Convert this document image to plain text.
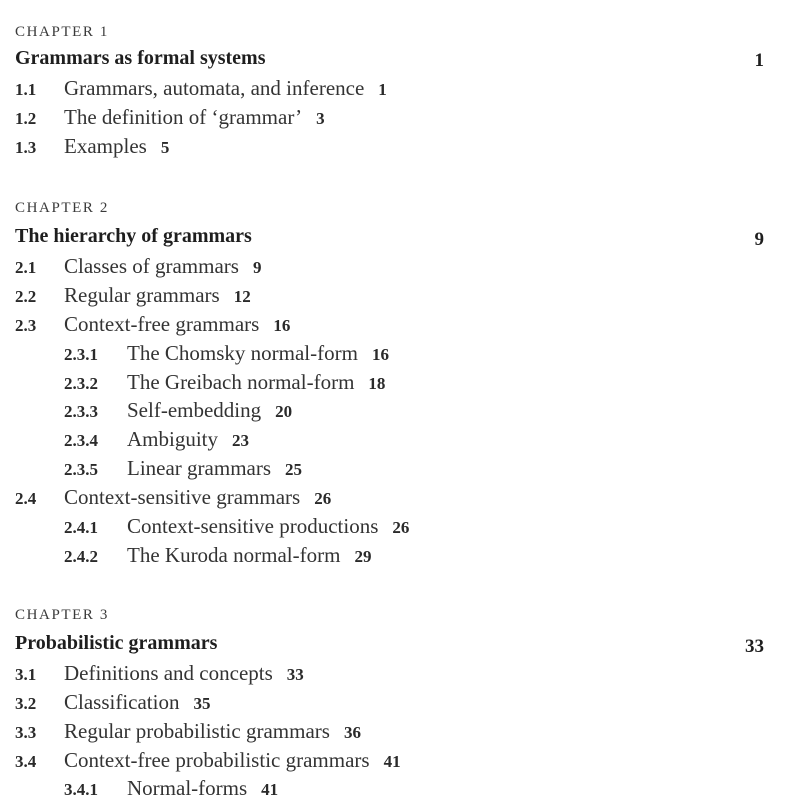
CHAPTER 1
Grammars as formal systems	1
1.1 Grammars, automata, and inference 1
1.2 The definition of ‘grammar’ 3
1.3 Examples 5
CHAPTER 2
The hierarchy of grammars	9
2.1 Classes of grammars 9
2.2 Regular grammars 12
2.3 Context-free grammars 16
2.3.1 The Chomsky normal-form 16
2.3.2 The Greibach normal-form 18
2.3.3 Self-embedding 20
2.3.4 Ambiguity 23
2.3.5 Linear grammars 25
2.4 Context-sensitive grammars 26
2.4.1 Context-sensitive productions 26
2.4.2 The Kuroda normal-form 29
CHAPTER 3
Probabilistic grammars	33
3.1 Definitions and concepts 33
3.2 Classification 35
3.3 Regular probabilistic grammars 36
3.4 Context-free probabilistic grammars 41
3.4.1 Normal-forms 41
